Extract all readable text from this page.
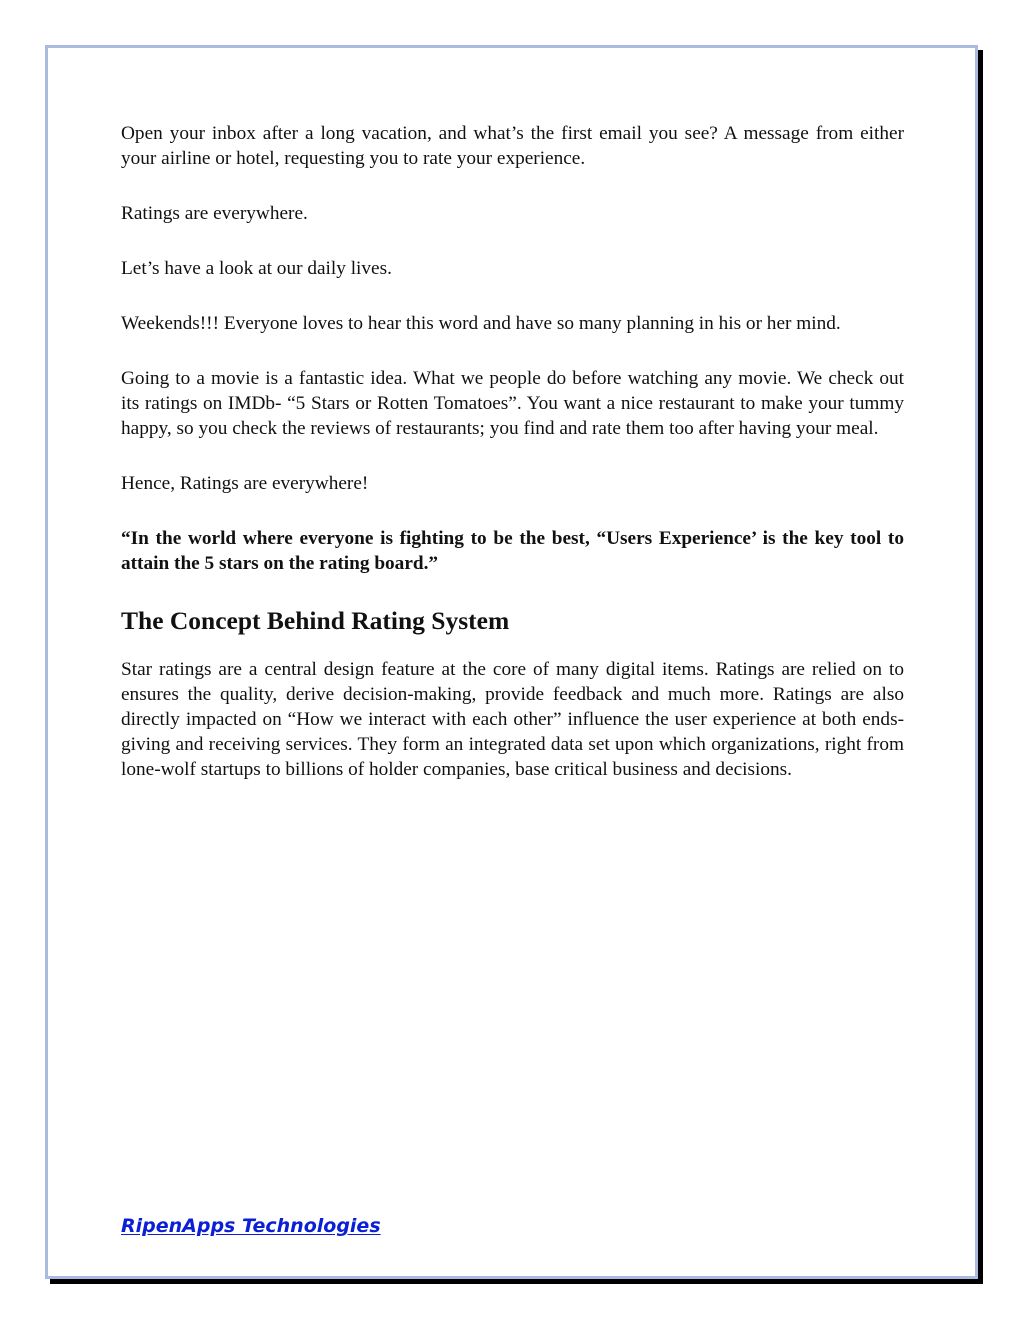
Open your inbox after a long vacation, and what’s the first email you see? A message from either your airline or hotel, requesting you to rate your experience.

Ratings are everywhere.

Let’s have a look at our daily lives.

Weekends!!! Everyone loves to hear this word and have so many planning in his or her mind.

Going to a movie is a fantastic idea. What we people do before watching any movie. We check out its ratings on IMDb- “5 Stars or Rotten Tomatoes”. You want a nice restaurant to make your tummy happy, so you check the reviews of restaurants; you find and rate them too after having your meal.

Hence, Ratings are everywhere!

“In the world where everyone is fighting to be the best, “Users Experience’ is the key tool to attain the 5 stars on the rating board.”

The Concept Behind Rating System

Star ratings are a central design feature at the core of many digital items. Ratings are relied on to ensures the quality, derive decision-making, provide feedback and much more. Ratings are also directly impacted on “How we interact with each other” influence the user experience at both ends- giving and receiving services. They form an integrated data set upon which organizations, right from lone-wolf startups to billions of holder companies, base critical business and decisions.

RipenApps Technologies
